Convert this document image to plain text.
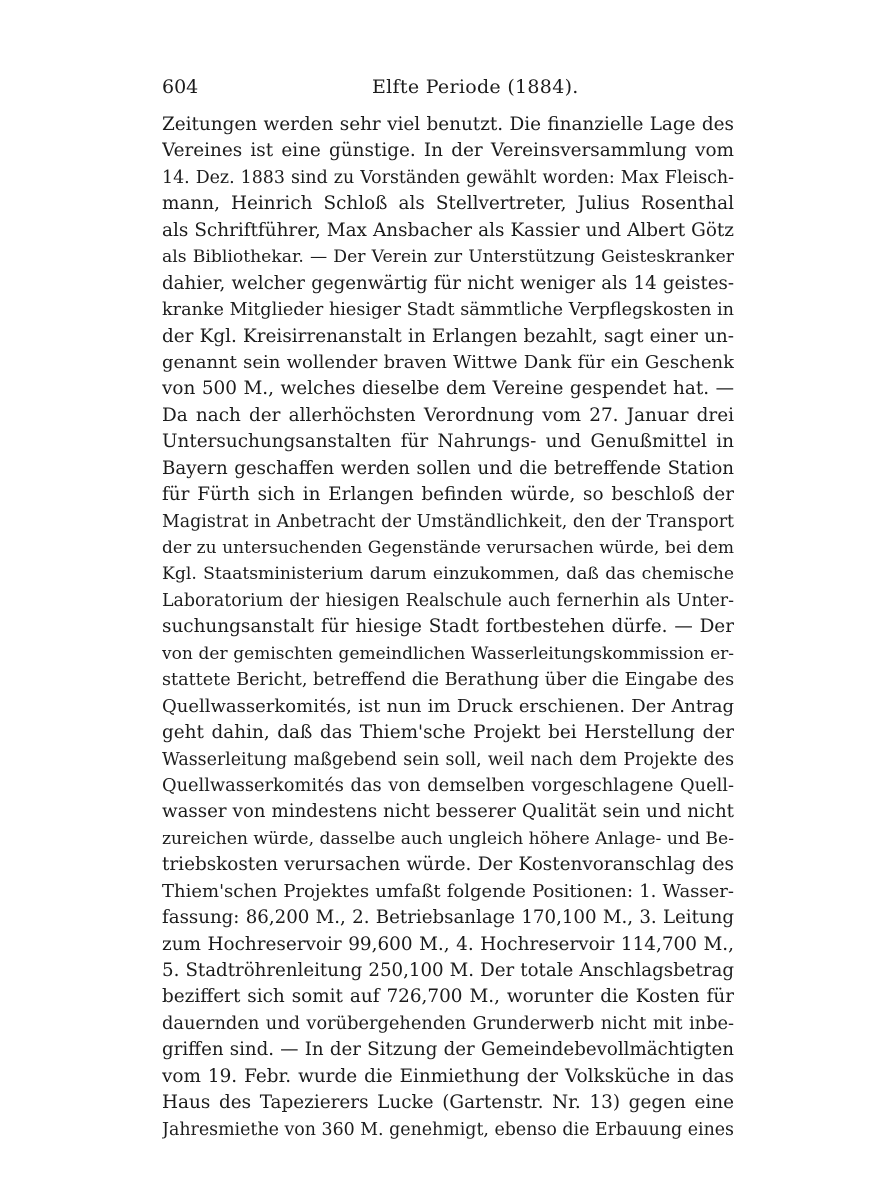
604	Elfte Periode (1884).
Zeitungen werden sehr viel benutzt. Die finanzielle Lage des
Vereines ist eine günstige. In der Vereinsversammlung vom
14. Dez. 1883 sind zu Vorständen gewählt worden: Max Fleisch-
mann, Heinrich Schloß als Stellvertreter, Julius Rosenthal
als Schriftführer, Max Ansbacher als Kassier und Albert Götz
als Bibliothekar. — Der Verein zur Unterstützung Geisteskranker
dahier, welcher gegenwärtig für nicht weniger als 14 geistes-
kranke Mitglieder hiesiger Stadt sämmtliche Verpflegskosten in
der Kgl. Kreisirrenanstalt in Erlangen bezahlt, sagt einer un-
genannt sein wollender braven Wittwe Dank für ein Geschenk
von 500 M., welches dieselbe dem Vereine gespendet hat. —
Da nach der allerhöchsten Verordnung vom 27. Januar drei
Untersuchungsanstalten für Nahrungs- und Genußmittel in
Bayern geschaffen werden sollen und die betreffende Station
für Fürth sich in Erlangen befinden würde, so beschloß der
Magistrat in Anbetracht der Umständlichkeit, den der Transport
der zu untersuchenden Gegenstände verursachen würde, bei dem
Kgl. Staatsministerium darum einzukommen, daß das chemische
Laboratorium der hiesigen Realschule auch fernerhin als Unter-
suchungsanstalt für hiesige Stadt fortbestehen dürfe. — Der
von der gemischten gemeindlichen Wasserleitungskommission er-
stattete Bericht, betreffend die Berathung über die Eingabe des
Quellwasserkomités, ist nun im Druck erschienen. Der Antrag
geht dahin, daß das Thiem'sche Projekt bei Herstellung der
Wasserleitung maßgebend sein soll, weil nach dem Projekte des
Quellwasserkomités das von demselben vorgeschlagene Quell-
wasser von mindestens nicht besserer Qualität sein und nicht
zureichen würde, dasselbe auch ungleich höhere Anlage- und Be-
triebskosten verursachen würde. Der Kostenvoranschlag des
Thiem'schen Projektes umfaßt folgende Positionen: 1. Wasser-
fassung: 86,200 M., 2. Betriebsanlage 170,100 M., 3. Leitung
zum Hochreservoir 99,600 M., 4. Hochreservoir 114,700 M.,
5. Stadtröhrenleitung 250,100 M. Der totale Anschlagsbetrag
beziffert sich somit auf 726,700 M., worunter die Kosten für
dauernden und vorübergehenden Grunderwerb nicht mit inbe-
griffen sind. — In der Sitzung der Gemeindebevollmächtigten
vom 19. Febr. wurde die Einmiethung der Volksküche in das
Haus des Tapezierers Lucke (Gartenstr. Nr. 13) gegen eine
Jahresmiethe von 360 M. genehmigt, ebenso die Erbauung eines
